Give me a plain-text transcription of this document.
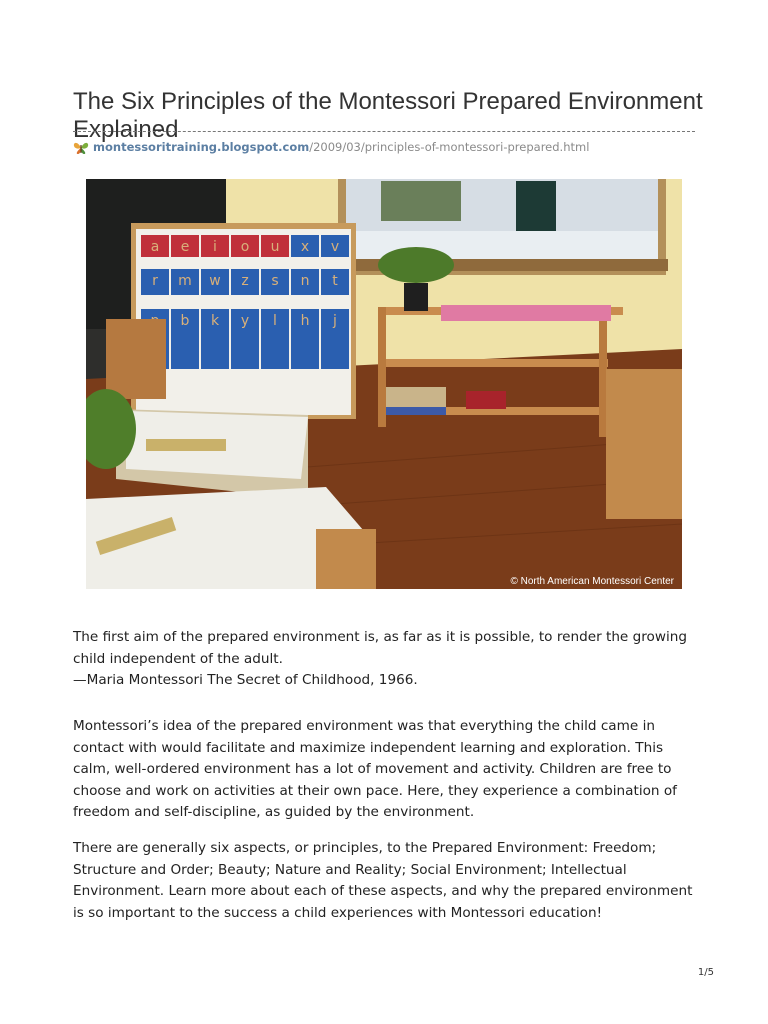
The Six Principles of the Montessori Prepared Environment Explained
montessoritraining.blogspot.com/2009/03/principles-of-montessori-prepared.html
a e i o u x v
r m w z s n t
b k y l h j
© North American Montessori Center

The first aim of the prepared environment is, as far as it is possible, to render the growing child independent of the adult.

—Maria Montessori The Secret of Childhood, 1966.

Montessori’s idea of the prepared environment was that everything the child came in contact with would facilitate and maximize independent learning and exploration. This calm, well-ordered environment has a lot of movement and activity. Children are free to choose and work on activities at their own pace. Here, they experience a combination of freedom and self-discipline, as guided by the environment.

There are generally six aspects, or principles, to the Prepared Environment: Freedom; Structure and Order; Beauty; Nature and Reality; Social Environment; Intellectual Environment. Learn more about each of these aspects, and why the prepared environment is so important to the success a child experiences with Montessori education!

1/5
